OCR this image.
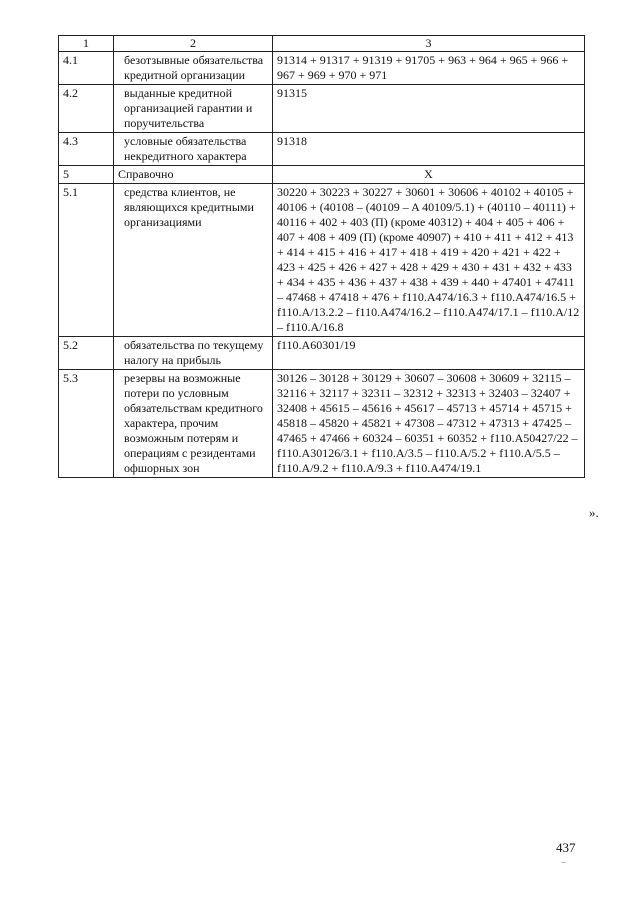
1	2	3
4.1	безотзывные обязательства кредитной организации	91314 + 91317 + 91319 + 91705 + 963 + 964 + 965 + 966 + 967 + 969 + 970 + 971

4.2	выданные кредитной организацией гарантии и поручительства	91315

4.3	условные обязательства некредитного характера	91318

5	Справочно	X
5.1	средства клиентов, не являющихся кредитными организациями	30220 + 30223 + 30227 + 30601 + 30606 + 40102 + 40105 + 40106 + (40108 – (40109 – A 40109/5.1) + (40110 – 40111) + 40116 + 402 + 403 (П) (кроме 40312) + 404 + 405 + 406 + 407 + 408 + 409 (П) (кроме 40907) + 410 + 411 + 412 + 413 + 414 + 415 + 416 + 417 + 418 + 419 + 420 + 421 + 422 + 423 + 425 + 426 + 427 + 428 + 429 + 430 + 431 + 432 + 433 + 434 + 435 + 436 + 437 + 438 + 439 + 440 + 47401 + 47411 – 47468 + 47418 + 476 + f110.A474/16.3 + f110.A474/16.5 + f110.A/13.2.2 – f110.A474/16.2 – f110.A474/17.1 – f110.A/12 – f110.A/16.8

5.2	обязательства по текущему налогу на прибыль	f110.A60301/19

5.3	резервы на возможные потери по условным обязательствам кредитного характера, прочим возможным потерям и операциям с резидентами офшорных зон	30126 – 30128 + 30129 + 30607 – 30608 + 30609 + 32115 – 32116 + 32117 + 32311 – 32312 + 32313 + 32403 – 32407 + 32408 + 45615 – 45616 + 45617 – 45713 + 45714 + 45715 + 45818 – 45820 + 45821 + 47308 – 47312 + 47313 + 47425 – 47465 + 47466 + 60324 – 60351 + 60352 + f110.A50427/22 – f110.A30126/3.1 + f110.A/3.5 – f110.A/5.2 + f110.A/5.5 – f110.A/9.2 + f110.A/9.3 + f110.A474/19.1
».
437
⁻
